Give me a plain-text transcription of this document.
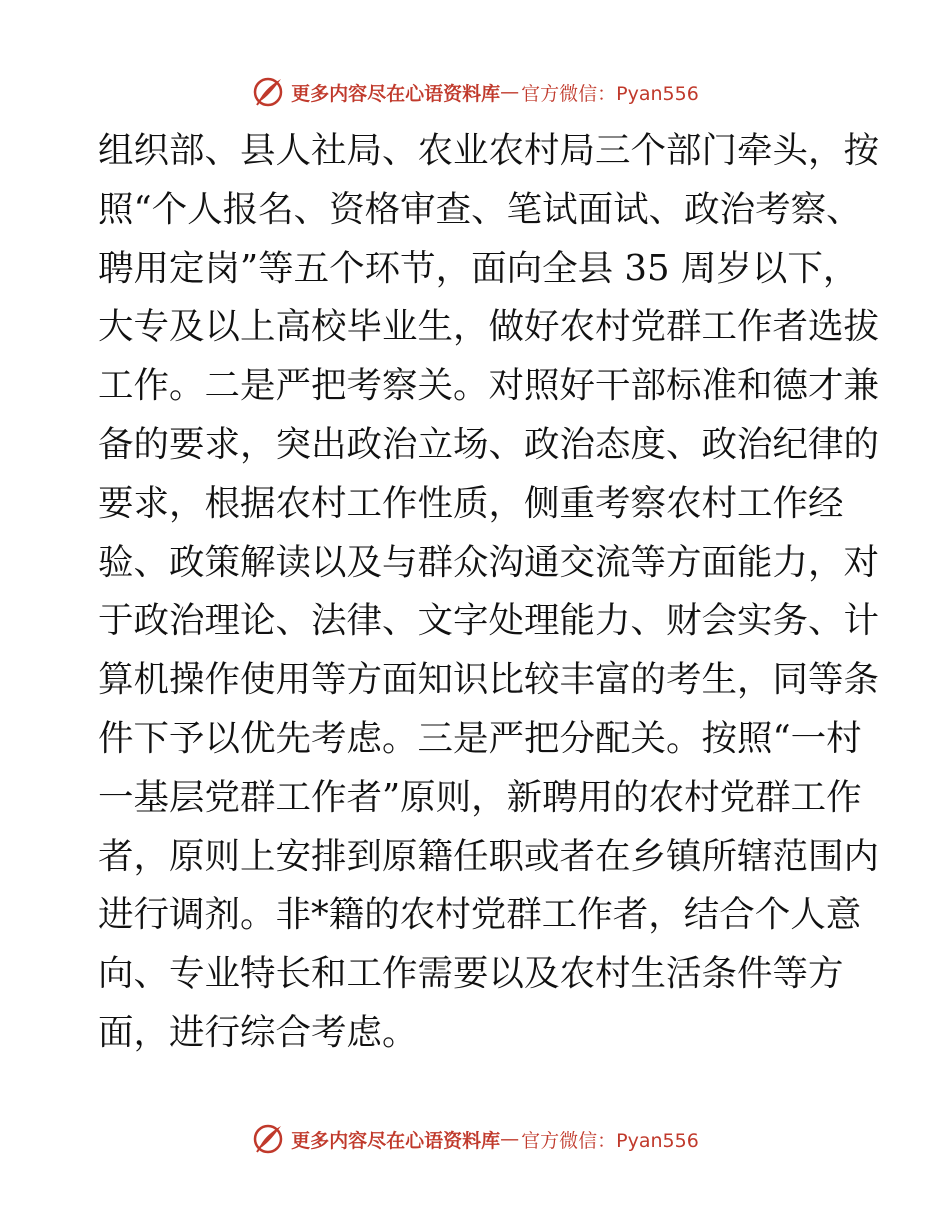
更多内容尽在心语资料库 — 官方微信：Pyan556
组织部、县人社局、农业农村局三个部门牵头，按
照“个人报名、资格审查、笔试面试、政治考察、
聘用定岗”等五个环节，面向全县 35 周岁以下，
大专及以上高校毕业生，做好农村党群工作者选拔
工作。二是严把考察关。对照好干部标准和德才兼
备的要求，突出政治立场、政治态度、政治纪律的
要求，根据农村工作性质，侧重考察农村工作经
验、政策解读以及与群众沟通交流等方面能力，对
于政治理论、法律、文字处理能力、财会实务、计
算机操作使用等方面知识比较丰富的考生，同等条
件下予以优先考虑。三是严把分配关。按照“一村
一基层党群工作者”原则，新聘用的农村党群工作
者，原则上安排到原籍任职或者在乡镇所辖范围内
进行调剂。非*籍的农村党群工作者，结合个人意
向、专业特长和工作需要以及农村生活条件等方
面，进行综合考虑。
更多内容尽在心语资料库 — 官方微信：Pyan556
